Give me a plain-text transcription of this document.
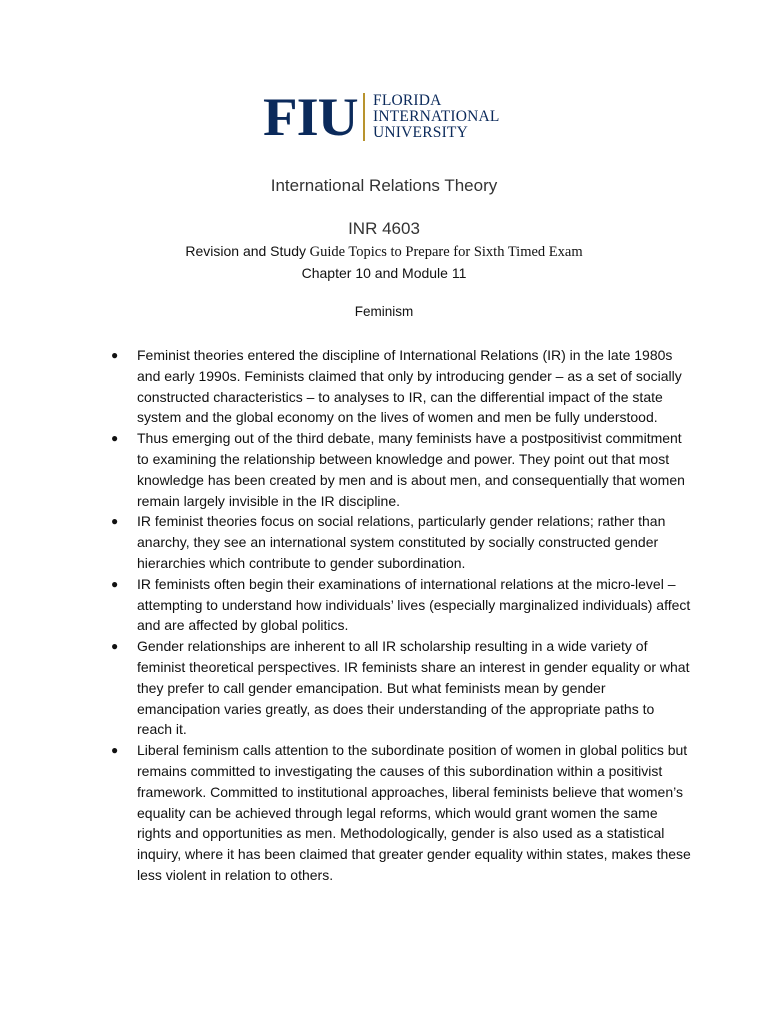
FIU FLORIDA
INTERNATIONAL
UNIVERSITY
International Relations Theory
INR 4603
Revision and Study Guide Topics to Prepare for Sixth Timed Exam
Chapter 10 and Module 11
Feminism
● Feminist theories entered the discipline of International Relations (IR) in the late 1980s and early 1990s. Feminists claimed that only by introducing gender – as a set of socially constructed characteristics – to analyses to IR, can the differential impact of the state system and the global economy on the lives of women and men be fully understood.
● Thus emerging out of the third debate, many feminists have a postpositivist commitment to examining the relationship between knowledge and power. They point out that most knowledge has been created by men and is about men, and consequentially that women remain largely invisible in the IR discipline.
● IR feminist theories focus on social relations, particularly gender relations; rather than anarchy, they see an international system constituted by socially constructed gender hierarchies which contribute to gender subordination.
● IR feminists often begin their examinations of international relations at the micro-level – attempting to understand how individuals’ lives (especially marginalized individuals) affect and are affected by global politics.
● Gender relationships are inherent to all IR scholarship resulting in a wide variety of feminist theoretical perspectives. IR feminists share an interest in gender equality or what they prefer to call gender emancipation. But what feminists mean by gender emancipation varies greatly, as does their understanding of the appropriate paths to reach it.
● Liberal feminism calls attention to the subordinate position of women in global politics but remains committed to investigating the causes of this subordination within a positivist framework. Committed to institutional approaches, liberal feminists believe that women’s equality can be achieved through legal reforms, which would grant women the same rights and opportunities as men. Methodologically, gender is also used as a statistical inquiry, where it has been claimed that greater gender equality within states, makes these less violent in relation to others.
